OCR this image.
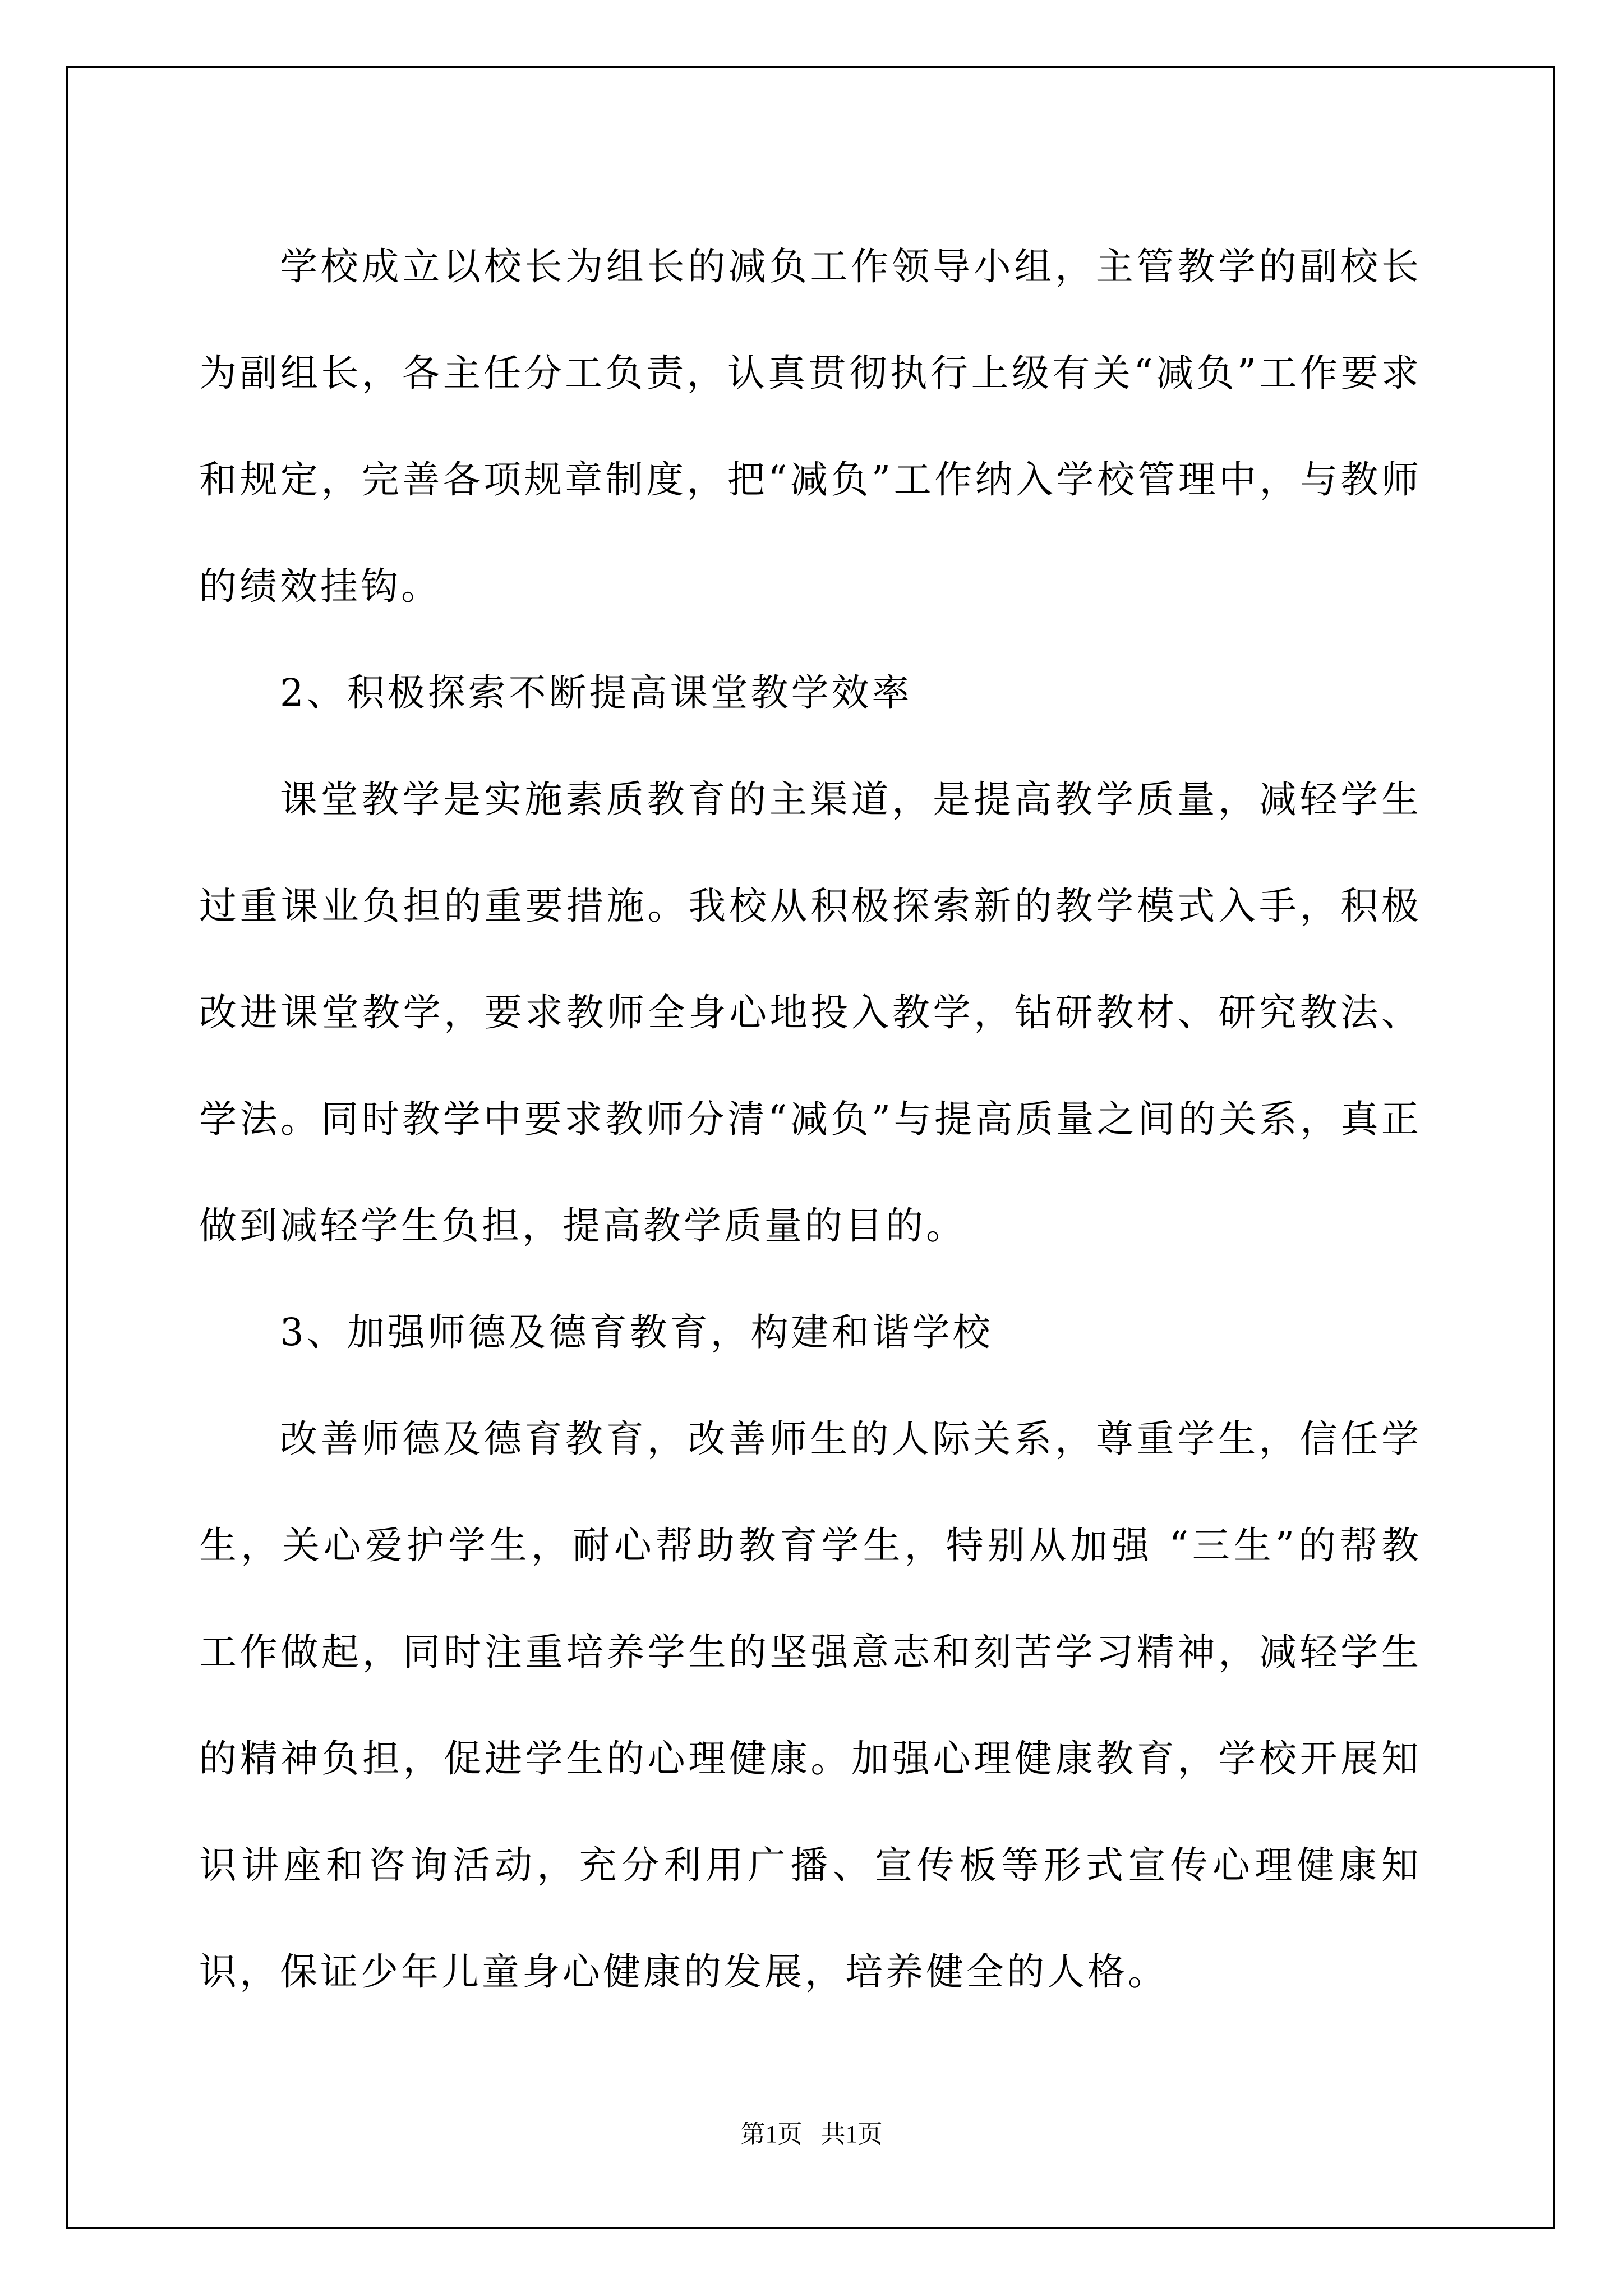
学校成立以校长为组长的减负工作领导小组，主管教学的副校长为副组长，各主任分工负责，认真贯彻执行上级有关“减负”工作要求和规定，完善各项规章制度，把“减负”工作纳入学校管理中，与教师的绩效挂钩。

2、积极探索不断提高课堂教学效率

课堂教学是实施素质教育的主渠道，是提高教学质量，减轻学生过重课业负担的重要措施。我校从积极探索新的教学模式入手，积极改进课堂教学，要求教师全身心地投入教学，钻研教材、研究教法、学法。同时教学中要求教师分清“减负”与提高质量之间的关系，真正做到减轻学生负担，提高教学质量的目的。

3、加强师德及德育教育，构建和谐学校

改善师德及德育教育，改善师生的人际关系，尊重学生，信任学生，关心爱护学生，耐心帮助教育学生，特别从加强 “三生”的帮教工作做起，同时注重培养学生的坚强意志和刻苦学习精神，减轻学生的精神负担，促进学生的心理健康。加强心理健康教育，学校开展知识讲座和咨询活动，充分利用广播、宣传板等形式宣传心理健康知识，保证少年儿童身心健康的发展，培养健全的人格。

第1页 共1页
